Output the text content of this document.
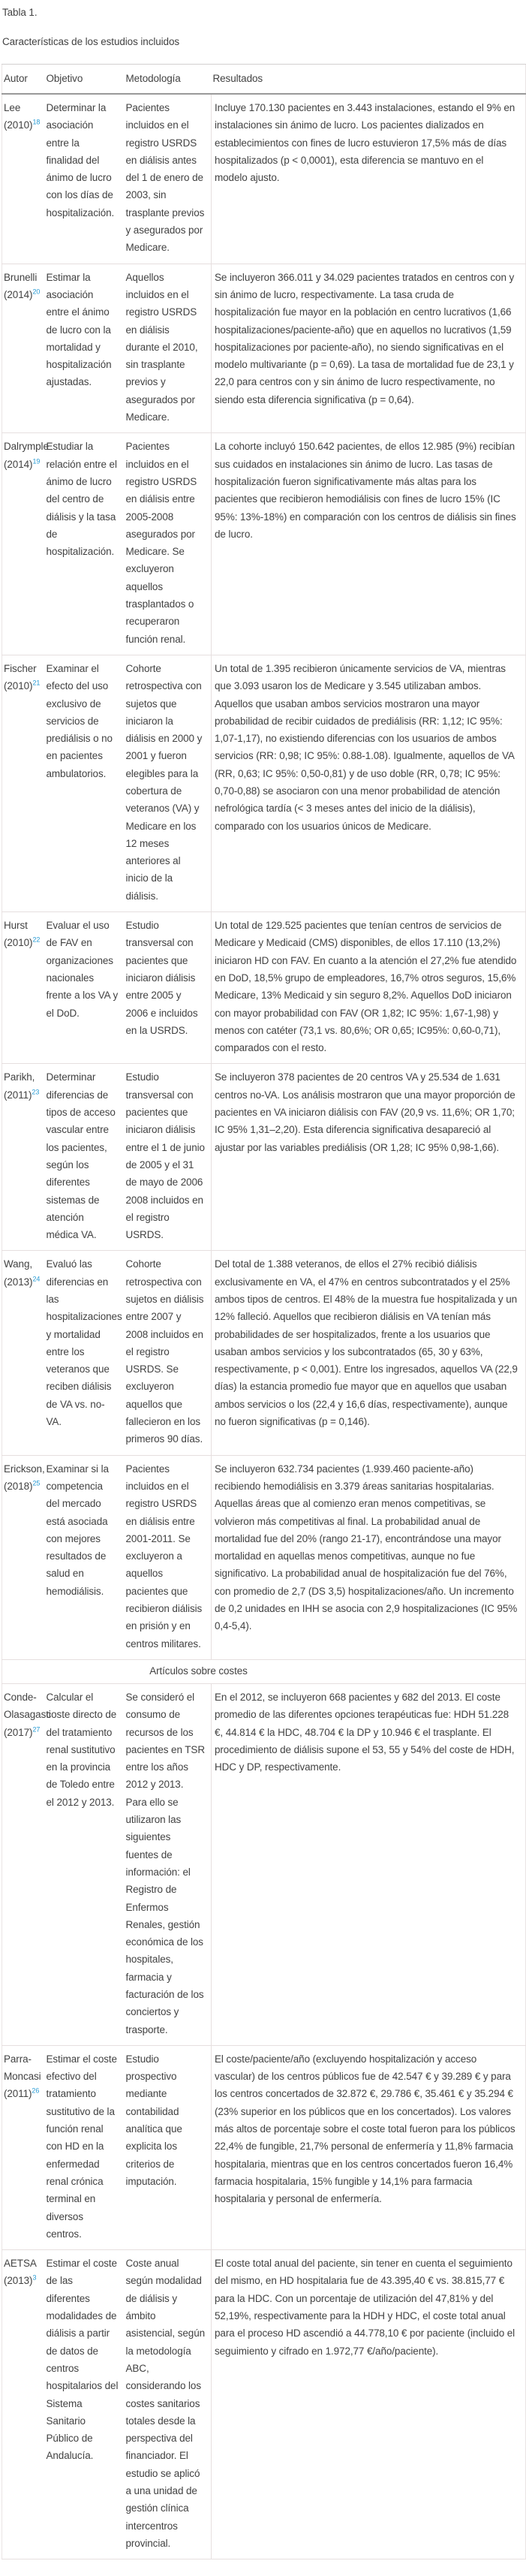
Tabla 1.

Características de los estudios incluidos

Autor	Objetivo	Metodología	Resultados

Lee
(2010)$^{18}$	Determinar la asociación entre la finalidad del ánimo de lucro con los días de hospitalización.	Pacientes incluidos en el registro USRDS en diálisis antes del 1 de enero de 2003, sin trasplante previos y asegurados por Medicare.	Incluye 170.130 pacientes en 3.443 instalaciones, estando el 9% en instalaciones sin ánimo de lucro. Los pacientes dializados en establecimientos con fines de lucro estuvieron 17,5% más de días hospitalizados (p < 0,0001), esta diferencia se mantuvo en el modelo ajusto.

Brunelli
(2014)$^{20}$	Estimar la asociación entre el ánimo de lucro con la mortalidad y hospitalización ajustadas.	Aquellos incluidos en el registro USRDS en diálisis durante el 2010, sin trasplante previos y asegurados por Medicare.	Se incluyeron 366.011 y 34.029 pacientes tratados en centros con y sin ánimo de lucro, respectivamente. La tasa cruda de hospitalización fue mayor en la población en centro lucrativos (1,66 hospitalizaciones/paciente-año) que en aquellos no lucrativos (1,59 hospitalizaciones por paciente-año), no siendo significativas en el modelo multivariante (p = 0,69). La tasa de mortalidad fue de 23,1 y 22,0 para centros con y sin ánimo de lucro respectivamente, no siendo esta diferencia significativa (p = 0,64).

Dalrymple
(2014)$^{19}$	Estudiar la relación entre el ánimo de lucro del centro de diálisis y la tasa de hospitalización.	Pacientes incluidos en el registro USRDS en diálisis entre 2005-2008 asegurados por Medicare. Se excluyeron aquellos trasplantados o recuperaron función renal.	La cohorte incluyó 150.642 pacientes, de ellos 12.985 (9%) recibían sus cuidados en instalaciones sin ánimo de lucro. Las tasas de hospitalización fueron significativamente más altas para los pacientes que recibieron hemodiálisis con fines de lucro 15% (IC 95%: 13%-18%) en comparación con los centros de diálisis sin fines de lucro.

Fischer
(2010)$^{21}$	Examinar el efecto del uso exclusivo de servicios de prediálisis o no en pacientes ambulatorios.	Cohorte retrospectiva con sujetos que iniciaron la diálisis en 2000 y 2001 y fueron elegibles para la cobertura de veteranos (VA) y Medicare en los 12 meses anteriores al inicio de la diálisis.	Un total de 1.395 recibieron únicamente servicios de VA, mientras que 3.093 usaron los de Medicare y 3.545 utilizaban ambos. Aquellos que usaban ambos servicios mostraron una mayor probabilidad de recibir cuidados de prediálisis (RR: 1,12; IC 95%: 1,07-1,17), no existiendo diferencias con los usuarios de ambos servicios (RR: 0,98; IC 95%: 0.88-1.08). Igualmente, aquellos de VA (RR, 0,63; IC 95%: 0,50-0,81) y de uso doble (RR, 0,78; IC 95%: 0,70-0,88) se asociaron con una menor probabilidad de atención nefrológica tardía (< 3 meses antes del inicio de la diálisis), comparado con los usuarios únicos de Medicare.

Hurst
(2010)$^{22}$	Evaluar el uso de FAV en organizaciones nacionales frente a los VA y el DoD.	Estudio transversal con pacientes que iniciaron diálisis entre 2005 y 2006 e incluidos en la USRDS.	Un total de 129.525 pacientes que tenían centros de servicios de Medicare y Medicaid (CMS) disponibles, de ellos 17.110 (13,2%) iniciaron HD con FAV. En cuanto a la atención el 27,2% fue atendido en DoD, 18,5% grupo de empleadores, 16,7% otros seguros, 15,6% Medicare, 13% Medicaid y sin seguro 8,2%. Aquellos DoD iniciaron con mayor probabilidad con FAV (OR 1,82; IC 95%: 1,67-1,98) y menos con catéter (73,1 vs. 80,6%; OR 0,65; IC95%: 0,60-0,71), comparados con el resto.

Parikh,
(2011)$^{23}$	Determinar diferencias de tipos de acceso vascular entre los pacientes, según los diferentes sistemas de atención médica VA.	Estudio transversal con pacientes que iniciaron diálisis entre el 1 de junio de 2005 y el 31 de mayo de 2006 2008 incluidos en el registro USRDS.	Se incluyeron 378 pacientes de 20 centros VA y 25.534 de 1.631 centros no-VA. Los análisis mostraron que una mayor proporción de pacientes en VA iniciaron diálisis con FAV (20,9 vs. 11,6%; OR 1,70; IC 95% 1,31–2,20). Esta diferencia significativa desapareció al ajustar por las variables prediálisis (OR 1,28; IC 95% 0,98-1,66).

Wang,
(2013)$^{24}$	Evaluó las diferencias en las hospitalizaciones y mortalidad entre los veteranos que reciben diálisis de VA vs. no-VA.	Cohorte retrospectiva con sujetos en diálisis entre 2007 y 2008 incluidos en el registro USRDS. Se excluyeron aquellos que fallecieron en los primeros 90 días.	Del total de 1.388 veteranos, de ellos el 27% recibió diálisis exclusivamente en VA, el 47% en centros subcontratados y el 25% ambos tipos de centros. El 48% de la muestra fue hospitalizada y un 12% falleció. Aquellos que recibieron diálisis en VA tenían más probabilidades de ser hospitalizados, frente a los usuarios que usaban ambos servicios y los subcontratados (65, 30 y 63%, respectivamente, p < 0,001). Entre los ingresados, aquellos VA (22,9 días) la estancia promedio fue mayor que en aquellos que usaban ambos servicios o los (22,4 y 16,6 días, respectivamente), aunque no fueron significativas (p = 0,146).

Erickson,
(2018)$^{25}$	Examinar si la competencia del mercado está asociada con mejores resultados de salud en hemodiálisis.	Pacientes incluidos en el registro USRDS en diálisis entre 2001-2011. Se excluyeron a aquellos pacientes que recibieron diálisis en prisión y en centros militares.	Se incluyeron 632.734 pacientes (1.939.460 paciente-año) recibiendo hemodiálisis en 3.379 áreas sanitarias hospitalarias. Aquellas áreas que al comienzo eran menos competitivas, se volvieron más competitivas al final. La probabilidad anual de mortalidad fue del 20% (rango 21-17), encontrándose una mayor mortalidad en aquellas menos competitivas, aunque no fue significativo. La probabilidad anual de hospitalización fue del 76%, con promedio de 2,7 (DS 3,5) hospitalizaciones/año. Un incremento de 0,2 unidades en IHH se asocia con 2,9 hospitalizaciones (IC 95% 0,4-5,4).
Artículos sobre costes			

Conde-Olasagasti
(2017)$^{27}$
	Calcular el coste directo de del tratamiento renal sustitutivo en la provincia de Toledo entre el 2012 y 2013.	Se consideró el consumo de recursos de los pacientes en TSR entre los años 2012 y 2013. Para ello se utilizaron las siguientes fuentes de información: el Registro de Enfermos Renales, gestión económica de los hospitales, farmacia y facturación de los conciertos y trasporte.	En el 2012, se incluyeron 668 pacientes y 682 del 2013. El coste promedio de las diferentes opciones terapéuticas fue: HDH 51.228 €, 44.814 € la HDC, 48.704 € la DP y 10.946 € el trasplante. El procedimiento de diálisis supone el 53, 55 y 54% del coste de HDH, HDC y DP, respectivamente.

Parra-Moncasi
(2011)$^{26}$	Estimar el coste efectivo del tratamiento sustitutivo de la función renal con HD en la enfermedad renal crónica terminal en diversos centros.	Estudio prospectivo mediante contabilidad analítica que explicita los criterios de imputación.	El coste/paciente/año (excluyendo hospitalización y acceso vascular) de los centros públicos fue de 42.547 € y 39.289 € y para los centros concertados de 32.872 €, 29.786 €, 35.461 € y 35.294 € (23% superior en los públicos que en los concertados). Los valores más altos de porcentaje sobre el coste total fueron para los públicos 22,4% de fungible, 21,7% personal de enfermería y 11,8% farmacia hospitalaria, mientras que en los centros concertados fueron 16,4% farmacia hospitalaria, 15% fungible y 14,1% para farmacia hospitalaria y personal de enfermería.

AETSA
(2013)$^3$
	Estimar el coste de las diferentes modalidades de diálisis a partir de datos de centros hospitalarios del Sistema Sanitario Público de Andalucía.	Coste anual según modalidad de diálisis y ámbito asistencial, según la metodología ABC, considerando los costes sanitarios totales desde la perspectiva del financiador. El estudio se aplicó a una unidad de gestión clínica intercentros provincial.	El coste total anual del paciente, sin tener en cuenta el seguimiento del mismo, en HD hospitalaria fue de 43.395,40 € vs. 38.815,77 € para la HDC. Con un porcentaje de utilización del 47,81% y del 52,19%, respectivamente para la HDH y HDC, el coste total anual para el proceso HD ascendió a 44.778,10 € por paciente (incluido el seguimiento y cifrado en 1.972,77 €/año/paciente).
